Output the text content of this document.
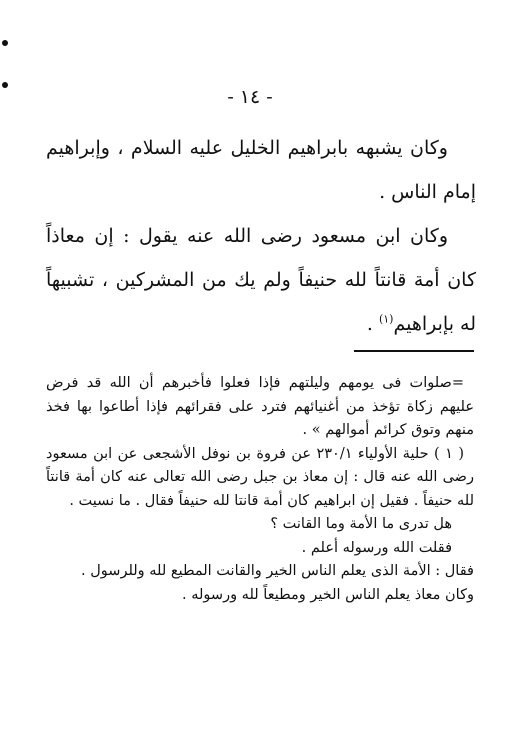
- ١٤ -

وكان يشبهه بابراهيم الخليل عليه السلام ، وإبراهيم إمام الناس .

وكان ابن مسعود رضى الله عنه يقول : إن معاذاً كان أمة قانتاً لله حنيفاً ولم يك من المشركين ، تشبيهاً له بإبراهيم$^{(١)}$ .

=صلوات فى يومهم وليلتهم فإذا فعلوا فأخبرهم أن الله قد فرض عليهم زكاة تؤخذ من أغنيائهم فترد على فقرائهم فإذا أطاعوا بها فخذ منهم وتوق كرائم أموالهم » .

( ١ ) حلية الأولياء ٢٣٠/١ عن فروة بن نوفل الأشجعى عن ابن مسعود رضى الله عنه قال : إن معاذ بن جبل رضى الله تعالى عنه كان أمة قانتاً لله حنيفاً . فقيل إن ابراهيم كان أمة قانتا لله حنيفاً فقال . ما نسيت .

هل تدرى ما الأمة وما القانت ؟

فقلت الله ورسوله أعلم .

فقال : الأمة الذى يعلم الناس الخير والقانت المطيع لله وللرسول .

وكان معاذ يعلم الناس الخير ومطيعاً لله ورسوله .
